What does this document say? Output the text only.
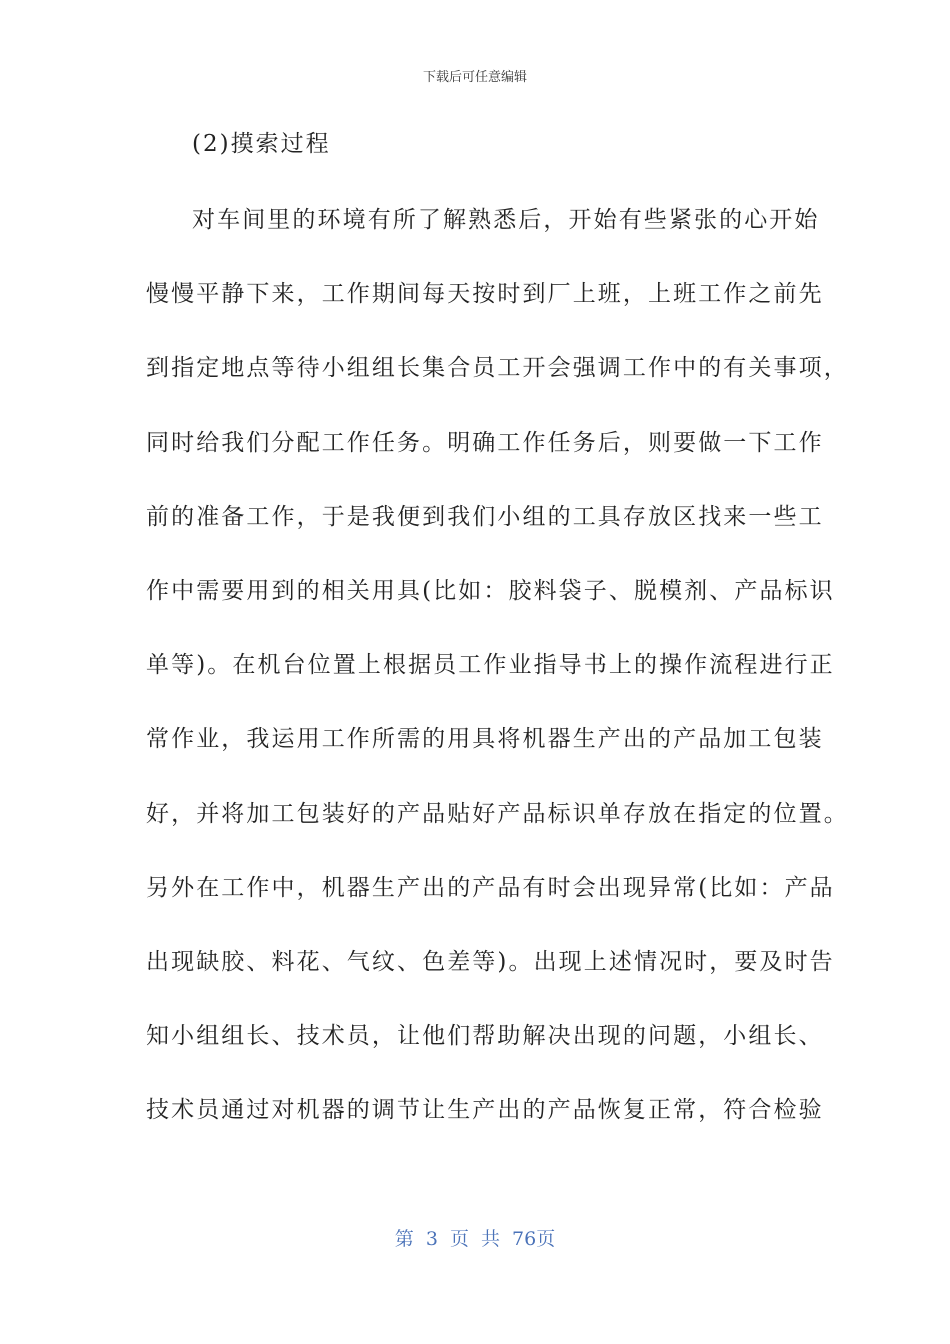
下载后可任意编辑

(2)摸索过程

对车间里的环境有所了解熟悉后，开始有些紧张的心开始
慢慢平静下来，工作期间每天按时到厂上班，上班工作之前先
到指定地点等待小组组长集合员工开会强调工作中的有关事项，
同时给我们分配工作任务。明确工作任务后，则要做一下工作
前的准备工作，于是我便到我们小组的工具存放区找来一些工
作中需要用到的相关用具(比如：胶料袋子、脱模剂、产品标识
单等)。在机台位置上根据员工作业指导书上的操作流程进行正
常作业，我运用工作所需的用具将机器生产出的产品加工包装
好，并将加工包装好的产品贴好产品标识单存放在指定的位置。
另外在工作中，机器生产出的产品有时会出现异常(比如：产品
出现缺胶、料花、气纹、色差等)。出现上述情况时，要及时告
知小组组长、技术员，让他们帮助解决出现的问题，小组长、
技术员通过对机器的调节让生产出的产品恢复正常，符合检验

第 3 页 共 76页
